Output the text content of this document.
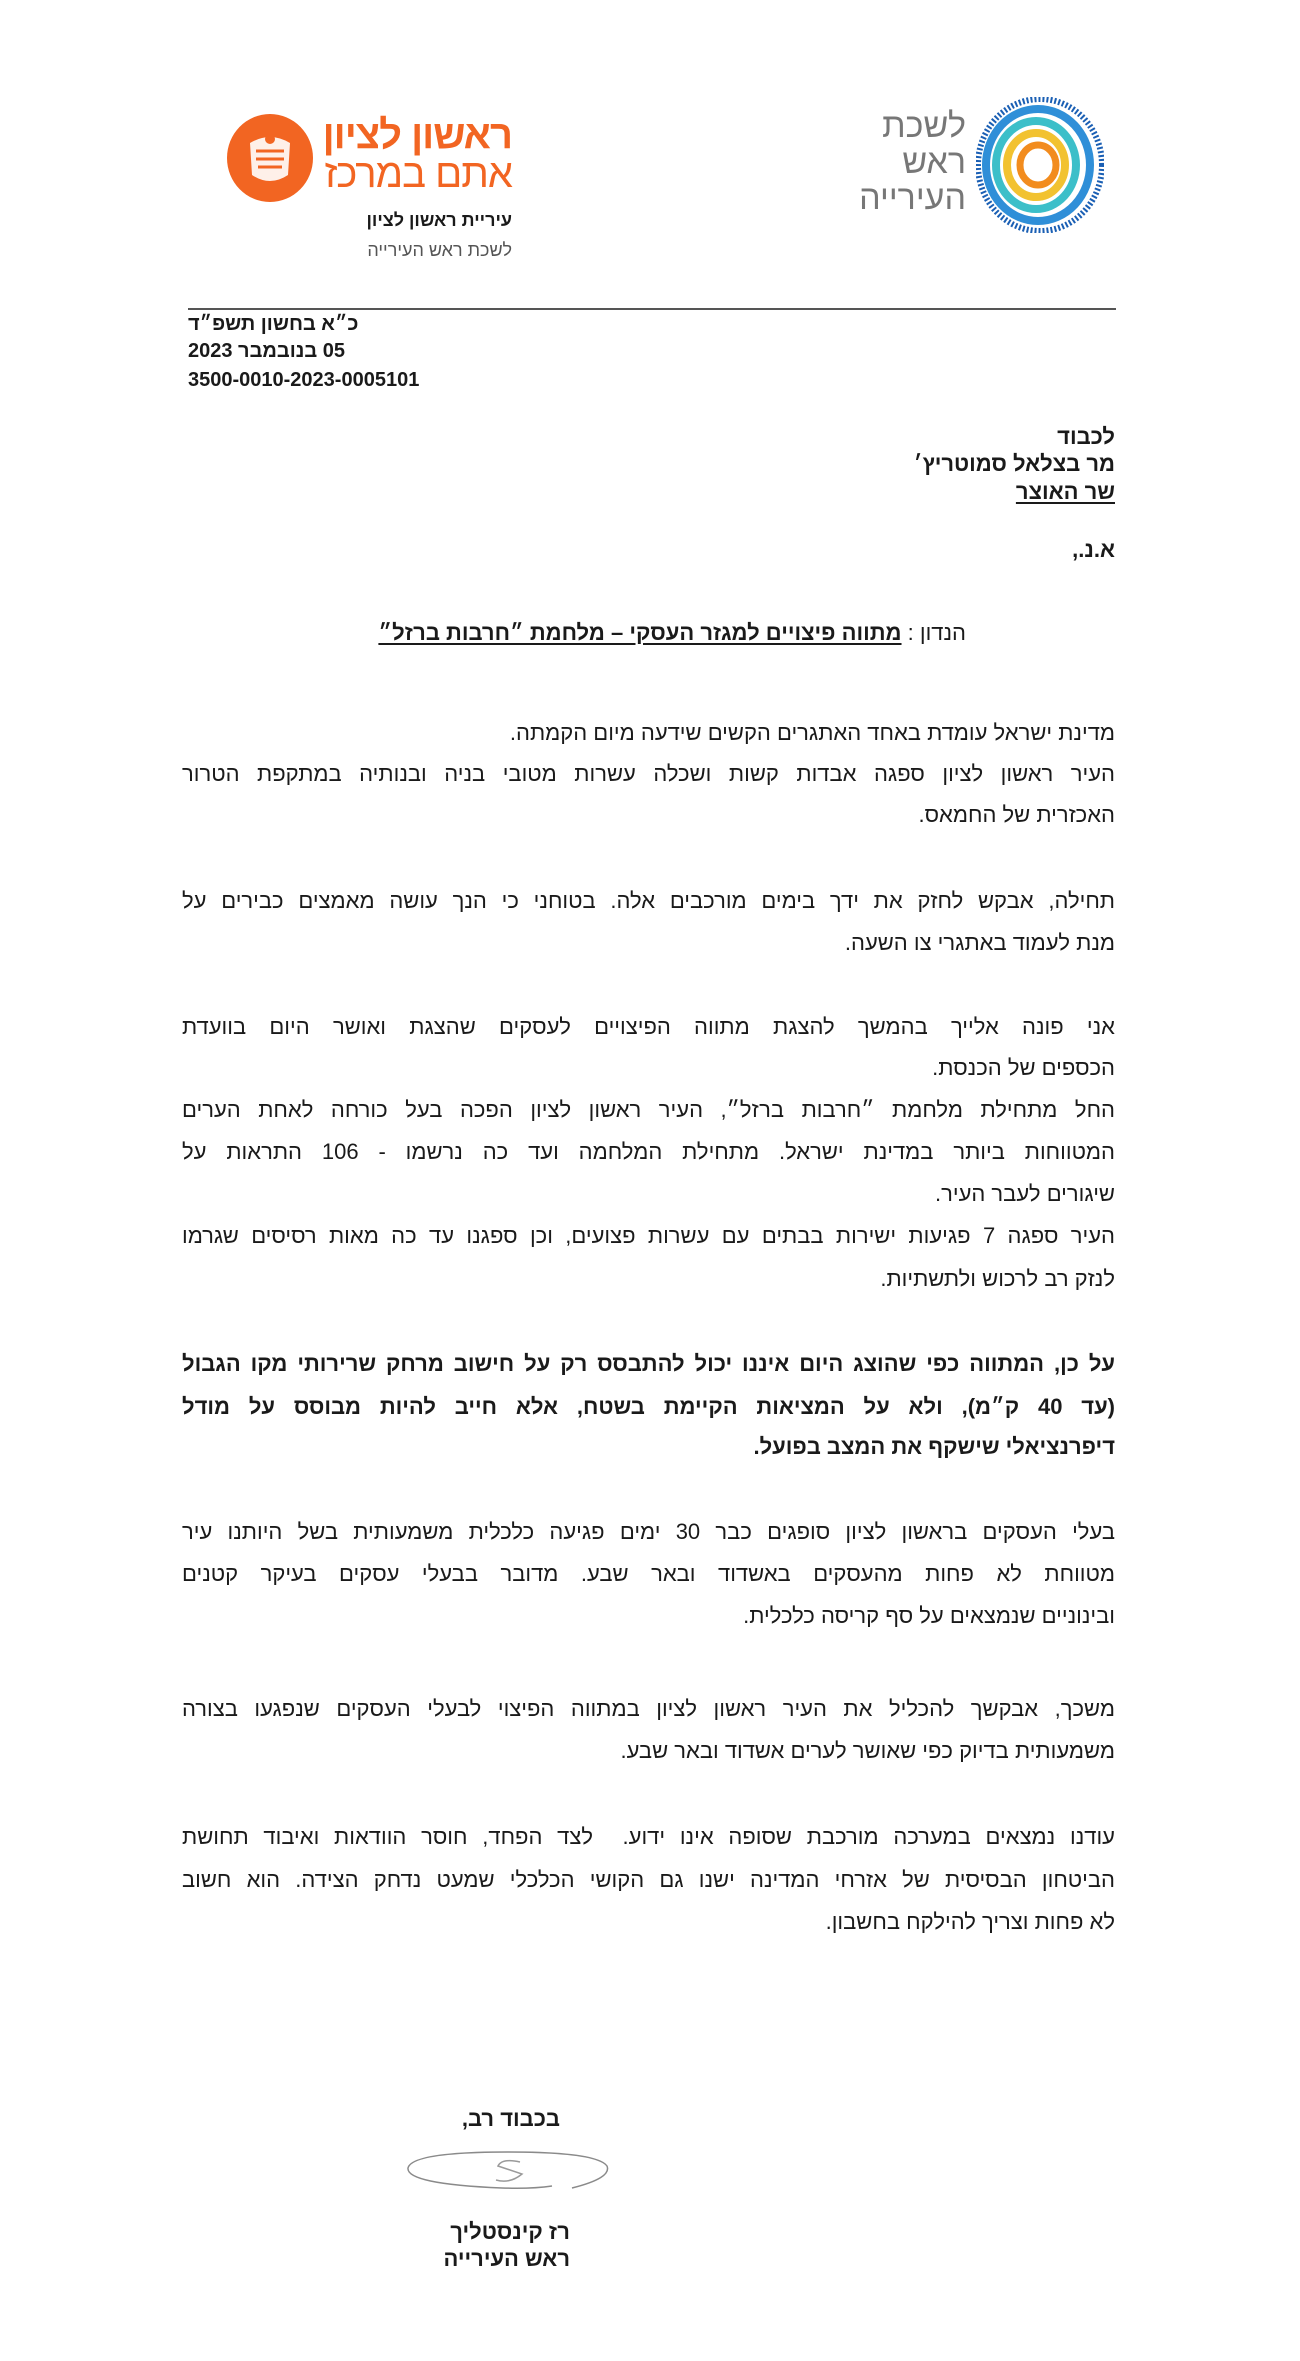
ראשון לציון
אתם במרכז
עיריית ראשון לציון
לשכת ראש העירייה
לשכת
ראש
העירייה
כ״א בחשון תשפ״ד
05 בנובמבר 2023
3500-0010-2023-0005101
לכבוד
מר בצלאל סמוטריץ׳
שר האוצר
א.נ.,
הנדון : מתווה פיצויים למגזר העסקי – מלחמת ״חרבות ברזל״
מדינת ישראל עומדת באחד האתגרים הקשים שידעה מיום הקמתה.
העיר ראשון לציון ספגה אבדות קשות ושכלה עשרות מטובי בניה ובנותיה במתקפת הטרור
האכזרית של החמאס.
תחילה, אבקש לחזק את ידך בימים מורכבים אלה. בטוחני כי הנך עושה מאמצים כבירים על
מנת לעמוד באתגרי צו השעה.
אני פונה אלייך בהמשך להצגת מתווה הפיצויים לעסקים שהצגת ואושר היום בוועדת
הכספים של הכנסת.
החל מתחילת מלחמת ״חרבות ברזל״, העיר ראשון לציון הפכה בעל כורחה לאחת הערים
המטווחות ביותר במדינת ישראל. מתחילת המלחמה ועד כה נרשמו - 106 התראות על
שיגורים לעבר העיר.
העיר ספגה 7 פגיעות ישירות בבתים עם עשרות פצועים, וכן ספגנו עד כה מאות רסיסים שגרמו
לנזק רב לרכוש ולתשתיות.
על כן, המתווה כפי שהוצג היום איננו יכול להתבסס רק על חישוב מרחק שרירותי מקו הגבול
(עד 40 ק״מ), ולא על המציאות הקיימת בשטח, אלא חייב להיות מבוסס על מודל
דיפרנציאלי שישקף את המצב בפועל.
בעלי העסקים בראשון לציון סופגים כבר 30 ימים פגיעה כלכלית משמעותית בשל היותנו עיר
מטווחת לא פחות מהעסקים באשדוד ובאר שבע. מדובר בבעלי עסקים בעיקר קטנים
ובינוניים שנמצאים על סף קריסה כלכלית.
משכך, אבקשך להכליל את העיר ראשון לציון במתווה הפיצוי לבעלי העסקים שנפגעו בצורה
משמעותית בדיוק כפי שאושר לערים אשדוד ובאר שבע.
עודנו נמצאים במערכה מורכבת שסופה אינו ידוע.  לצד הפחד, חוסר הוודאות ואיבוד תחושת
הביטחון הבסיסית של אזרחי המדינה ישנו גם הקושי הכלכלי שמעט נדחק הצידה. הוא חשוב
לא פחות וצריך להילקח בחשבון.
בכבוד רב,
רז קינסטליך
ראש העירייה
